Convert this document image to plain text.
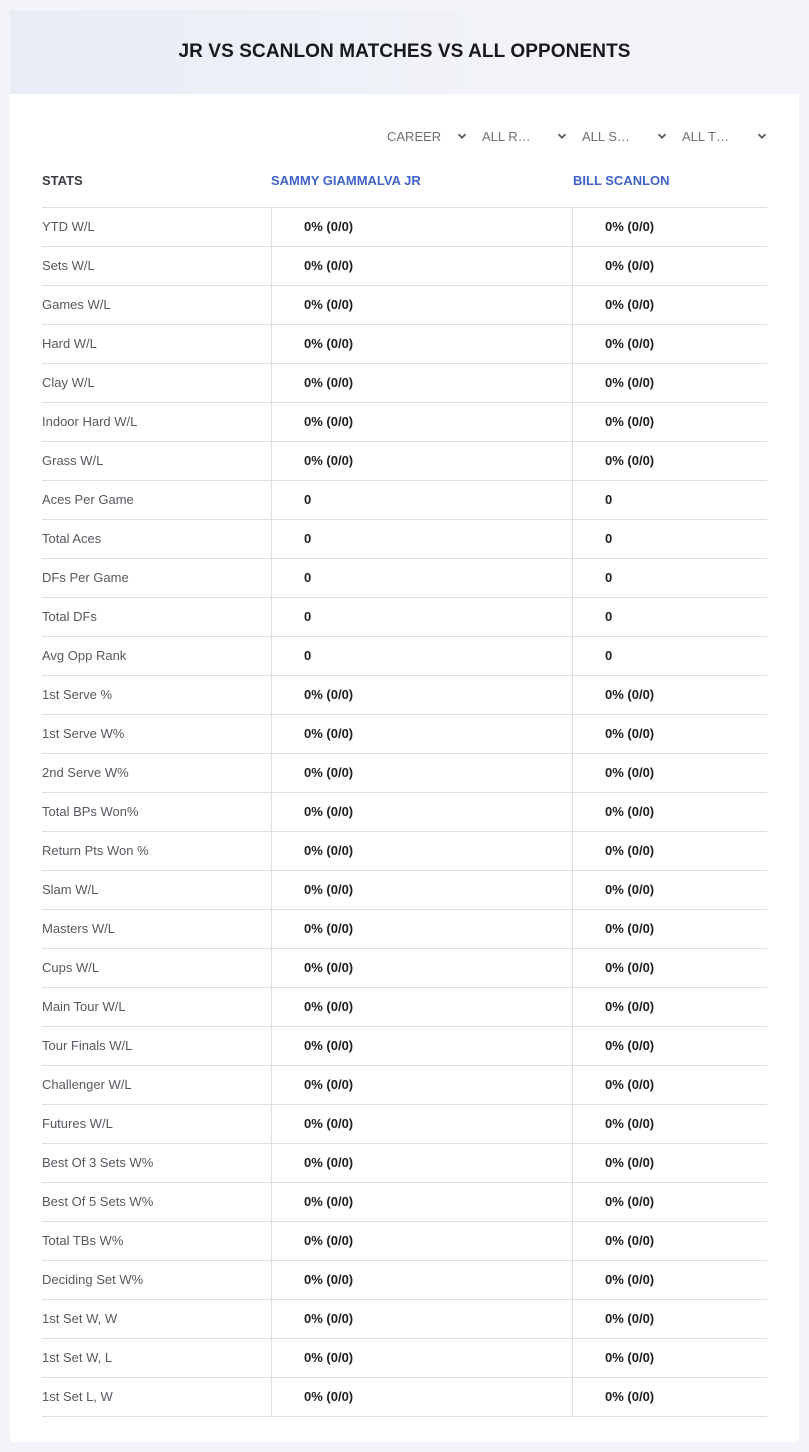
JR VS SCANLON MATCHES VS ALL OPPONENTS
CAREER	ALL R…	ALL S…	ALL T…
STATS	SAMMY GIAMMALVA JR	BILL SCANLON
YTD W/L	0% (0/0)	0% (0/0)
Sets W/L	0% (0/0)	0% (0/0)
Games W/L	0% (0/0)	0% (0/0)
Hard W/L	0% (0/0)	0% (0/0)
Clay W/L	0% (0/0)	0% (0/0)
Indoor Hard W/L	0% (0/0)	0% (0/0)
Grass W/L	0% (0/0)	0% (0/0)
Aces Per Game	0	0
Total Aces	0	0
DFs Per Game	0	0
Total DFs	0	0
Avg Opp Rank	0	0
1st Serve %	0% (0/0)	0% (0/0)
1st Serve W%	0% (0/0)	0% (0/0)
2nd Serve W%	0% (0/0)	0% (0/0)
Total BPs Won%	0% (0/0)	0% (0/0)
Return Pts Won %	0% (0/0)	0% (0/0)
Slam W/L	0% (0/0)	0% (0/0)
Masters W/L	0% (0/0)	0% (0/0)
Cups W/L	0% (0/0)	0% (0/0)
Main Tour W/L	0% (0/0)	0% (0/0)
Tour Finals W/L	0% (0/0)	0% (0/0)
Challenger W/L	0% (0/0)	0% (0/0)
Futures W/L	0% (0/0)	0% (0/0)
Best Of 3 Sets W%	0% (0/0)	0% (0/0)
Best Of 5 Sets W%	0% (0/0)	0% (0/0)
Total TBs W%	0% (0/0)	0% (0/0)
Deciding Set W%	0% (0/0)	0% (0/0)
1st Set W, W	0% (0/0)	0% (0/0)
1st Set W, L	0% (0/0)	0% (0/0)
1st Set L, W	0% (0/0)	0% (0/0)
